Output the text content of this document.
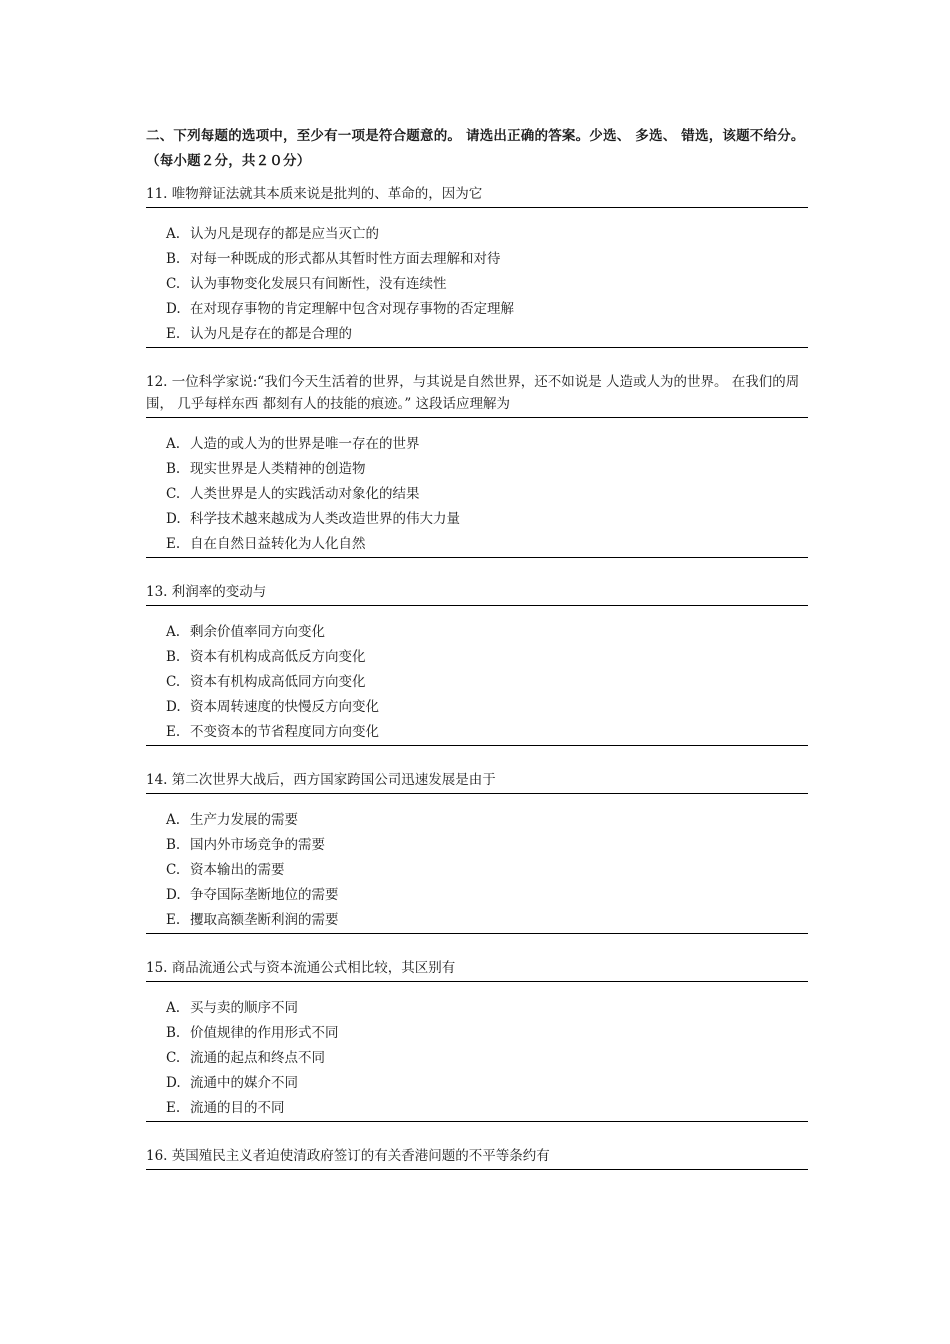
二、下列每题的选项中，至少有一项是符合题意的。 请选出正确的答案。少选、 多选、 错选，该题不给分。 （每小题２分，共２０分）
11. 唯物辩证法就其本质来说是批判的、革命的，因为它
A. 认为凡是现存的都是应当灭亡的
B. 对每一种既成的形式都从其暂时性方面去理解和对待
C. 认为事物变化发展只有间断性，没有连续性
D. 在对现存事物的肯定理解中包含对现存事物的否定理解
E. 认为凡是存在的都是合理的
12. 一位科学家说:“我们今天生活着的世界，与其说是自然世界，还不如说是 人造或人为的世界。 在我们的周围， 几乎每样东西 都刻有人的技能的痕迹。” 这段话应理解为
A. 人造的或人为的世界是唯一存在的世界
B. 现实世界是人类精神的创造物
C. 人类世界是人的实践活动对象化的结果
D. 科学技术越来越成为人类改造世界的伟大力量
E. 自在自然日益转化为人化自然
13. 利润率的变动与
A. 剩余价值率同方向变化
B. 资本有机构成高低反方向变化
C. 资本有机构成高低同方向变化
D. 资本周转速度的快慢反方向变化
E. 不变资本的节省程度同方向变化
14. 第二次世界大战后，西方国家跨国公司迅速发展是由于
A. 生产力发展的需要
B. 国内外市场竞争的需要
C. 资本输出的需要
D. 争夺国际垄断地位的需要
E. 攫取高额垄断利润的需要
15. 商品流通公式与资本流通公式相比较，其区别有
A. 买与卖的顺序不同
B. 价值规律的作用形式不同
C. 流通的起点和终点不同
D. 流通中的媒介不同
E. 流通的目的不同
16. 英国殖民主义者迫使清政府签订的有关香港问题的不平等条约有
